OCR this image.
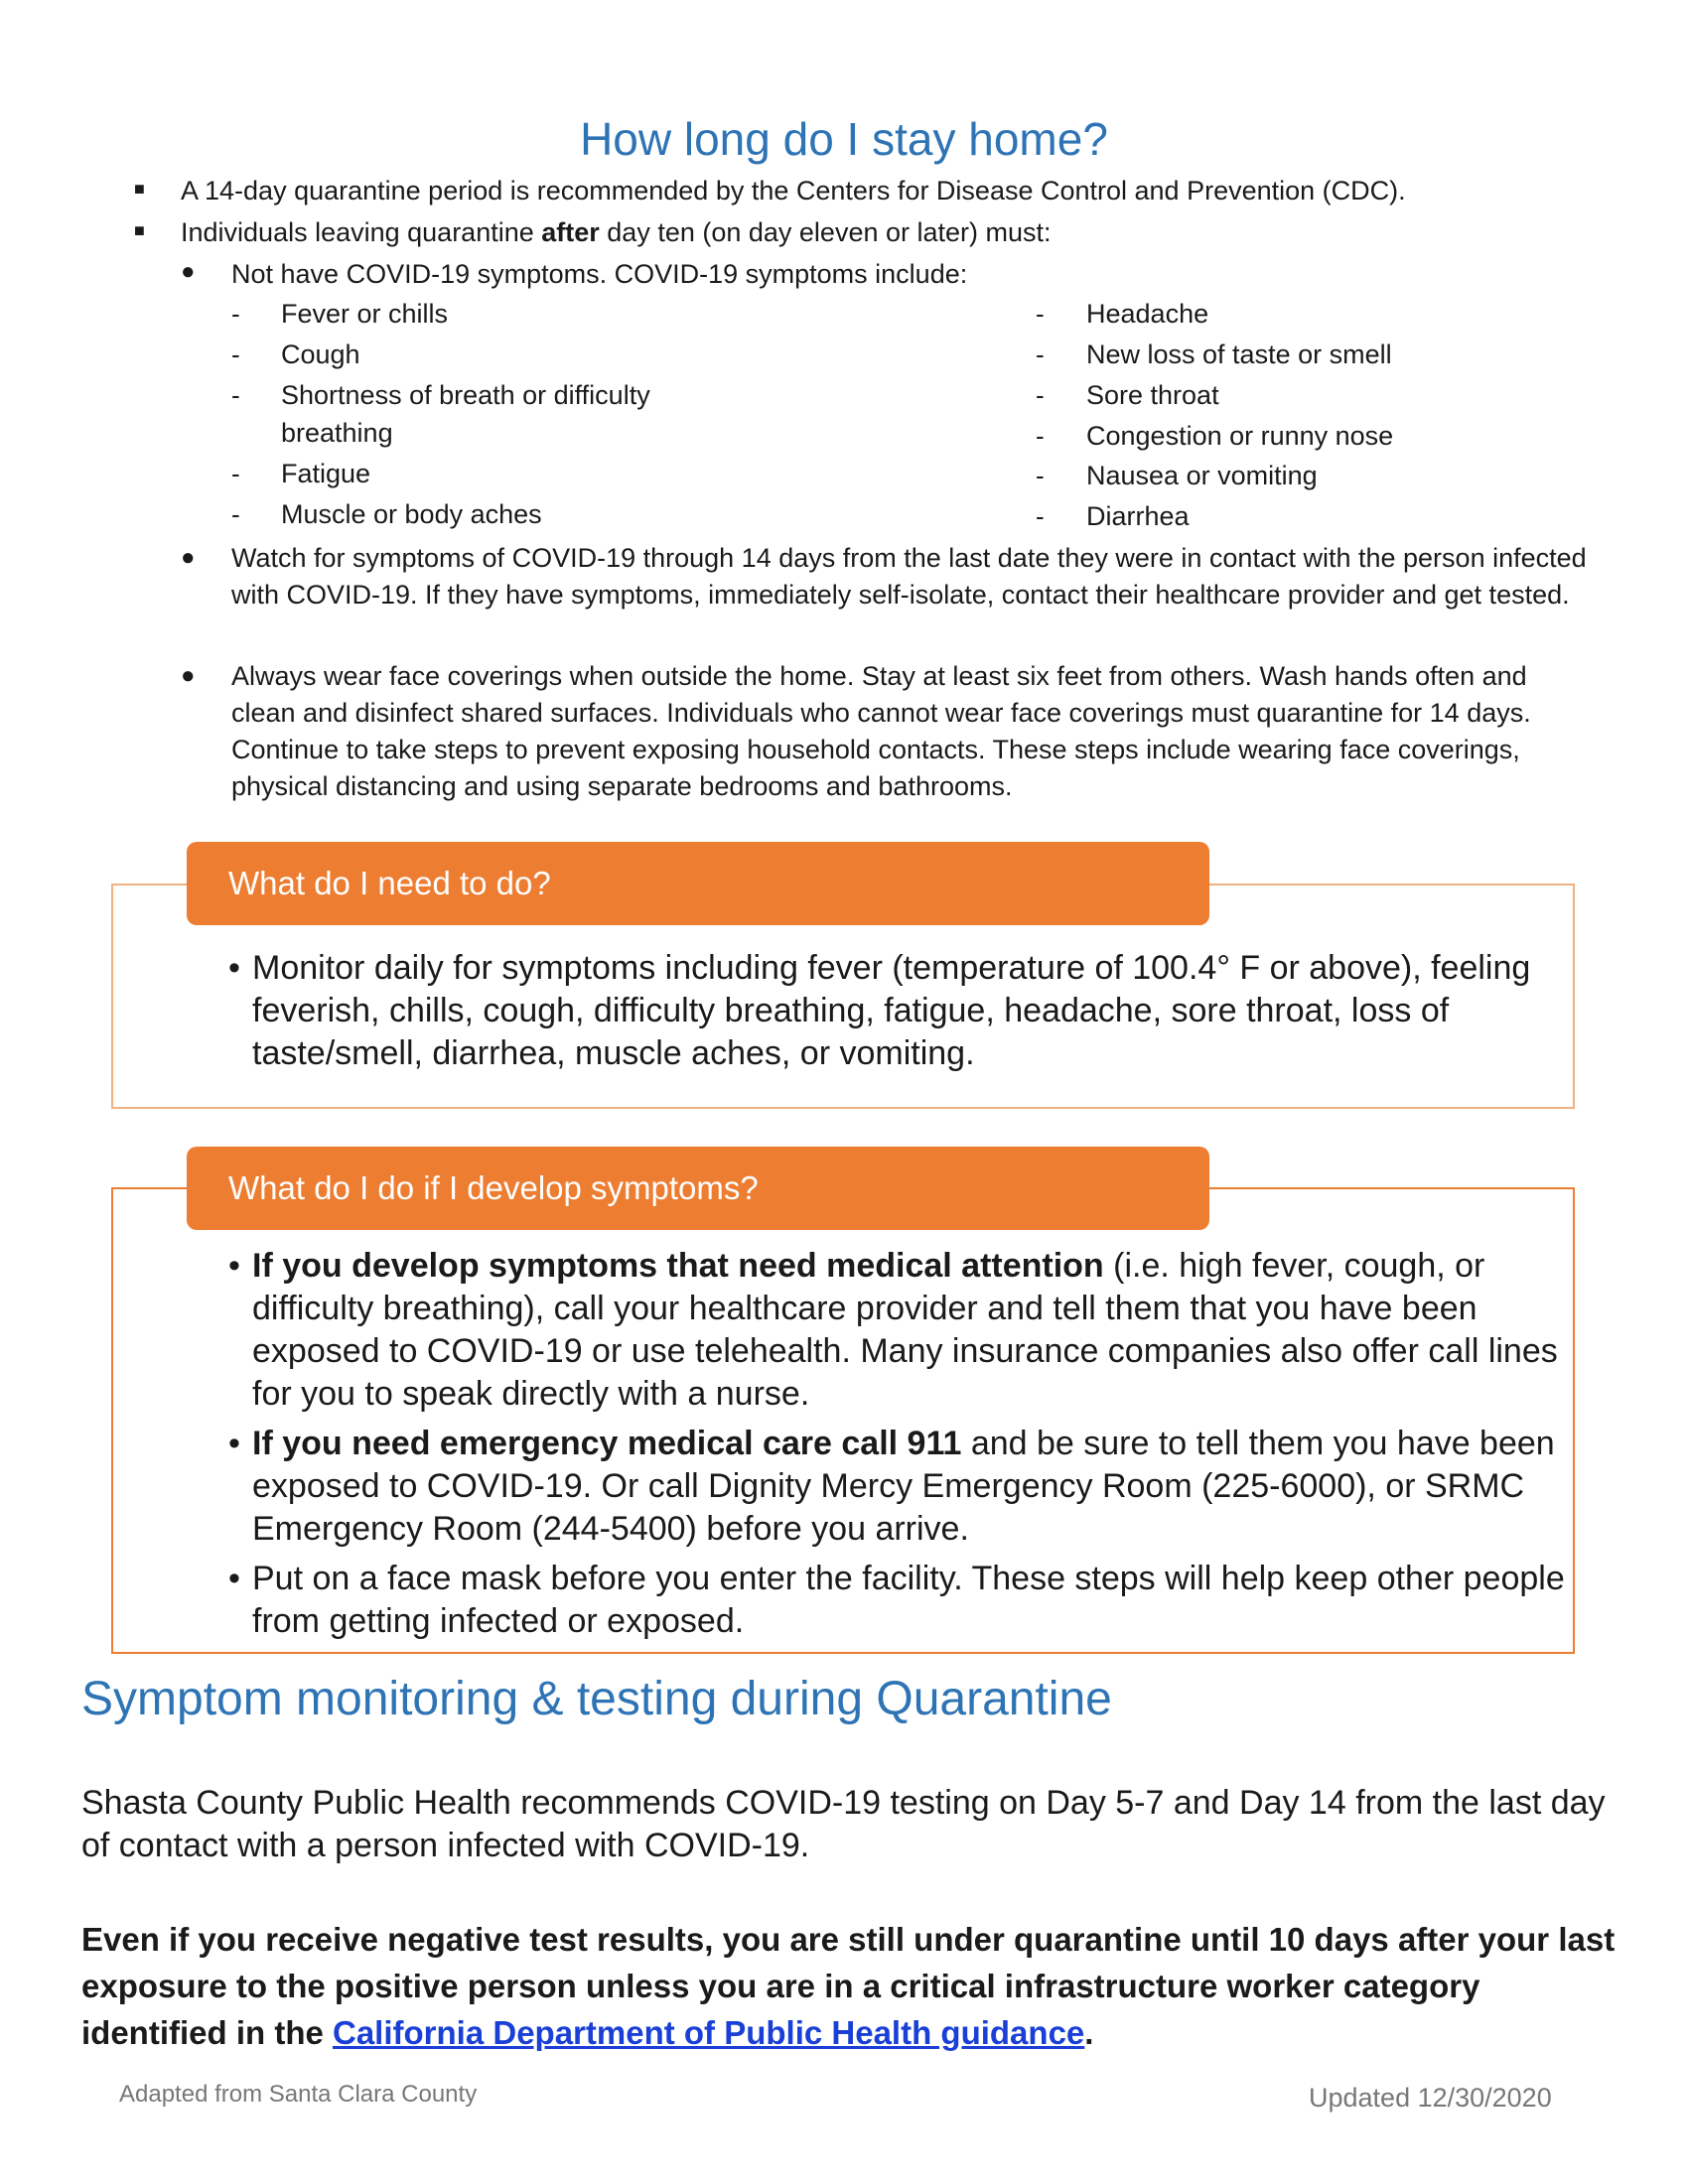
How long do I stay home?
■ A 14-day quarantine period is recommended by the Centers for Disease Control and Prevention (CDC).
■ Individuals leaving quarantine after day ten (on day eleven or later) must:
● Not have COVID-19 symptoms. COVID-19 symptoms include:
- Fever or chills
- Cough
- Shortness of breath or difficulty
breathing
- Fatigue
- Muscle or body aches
- Headache
- New loss of taste or smell
- Sore throat
- Congestion or runny nose
- Nausea or vomiting
- Diarrhea
● Watch for symptoms of COVID-19 through 14 days from the last date they were in contact with the person infected with COVID-19. If they have symptoms, immediately self-isolate, contact their healthcare provider and get tested.
● Always wear face coverings when outside the home. Stay at least six feet from others. Wash hands often and clean and disinfect shared surfaces. Individuals who cannot wear face coverings must quarantine for 14 days. Continue to take steps to prevent exposing household contacts. These steps include wearing face coverings, physical distancing and using separate bedrooms and bathrooms.
What do I need to do?
• Monitor daily for symptoms including fever (temperature of 100.4° F or above), feeling feverish, chills, cough, difficulty breathing, fatigue, headache, sore throat, loss of taste/smell, diarrhea, muscle aches, or vomiting.
What do I do if I develop symptoms?
• If you develop symptoms that need medical attention (i.e. high fever, cough, or difficulty breathing), call your healthcare provider and tell them that you have been exposed to COVID-19 or use telehealth. Many insurance companies also offer call lines for you to speak directly with a nurse.
• If you need emergency medical care call 911 and be sure to tell them you have been exposed to COVID-19. Or call Dignity Mercy Emergency Room (225-6000), or SRMC Emergency Room (244-5400) before you arrive.
• Put on a face mask before you enter the facility. These steps will help keep other people from getting infected or exposed.
Symptom monitoring & testing during Quarantine
Shasta County Public Health recommends COVID-19 testing on Day 5-7 and Day 14 from the last day of contact with a person infected with COVID-19.
Even if you receive negative test results, you are still under quarantine until 10 days after your last exposure to the positive person unless you are in a critical infrastructure worker category identified in the California Department of Public Health guidance.
Adapted from Santa Clara County	Updated 12/30/2020
